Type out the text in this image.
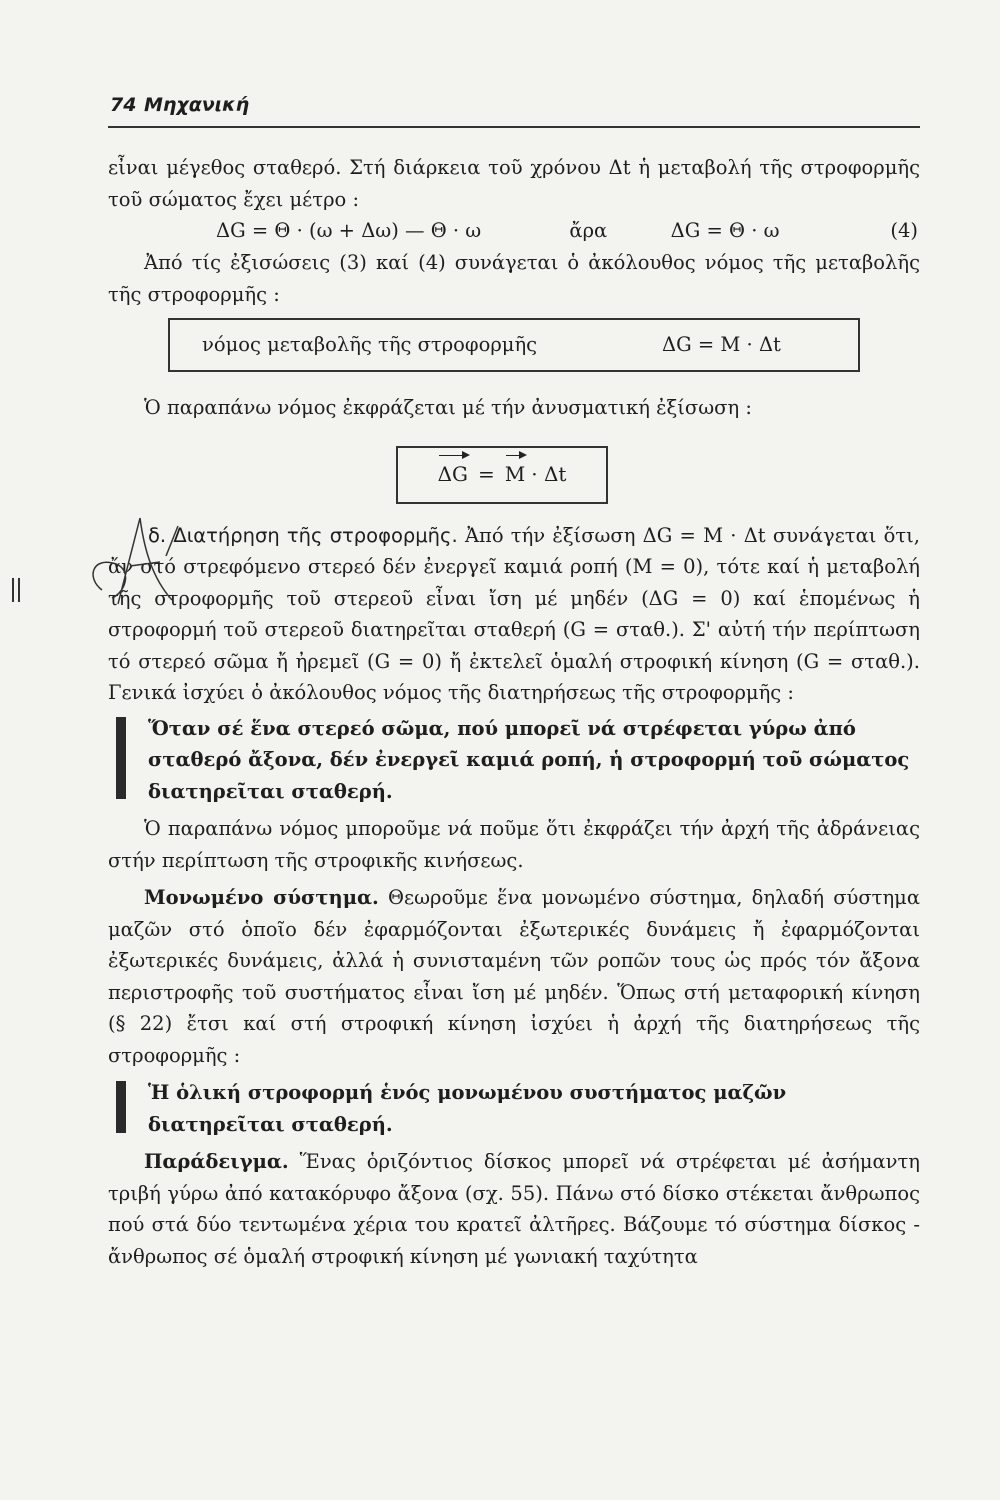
74 Μηχανική

εἶναι μέγεθος σταθερό. Στή διάρκεια τοῦ χρόνου Δt ἡ μεταβολή τῆς στροφορμῆς τοῦ σώματος ἔχει μέτρο :

ΔG = Θ · (ω + Δω) — Θ · ω	ἄρα	ΔG = Θ · ω	(4)

Ἀπό τίς ἐξισώσεις (3) καί (4) συνάγεται ὁ ἀκόλουθος νόμος τῆς μεταβολῆς τῆς στροφορμῆς :

νόμος μεταβολῆς τῆς στροφορμῆς	ΔG = M · Δt

Ὁ παραπάνω νόμος ἐκφράζεται μέ τήν ἀνυσματική ἐξίσωση :

ΔG = M · Δt

δ. Διατήρηση τῆς στροφορμῆς. Ἀπό τήν ἐξίσωση ΔG = M · Δt συνάγεται ὅτι, ἄν στό στρεφόμενο στερεό δέν ἐνεργεῖ καμιά ροπή (M = 0), τότε καί ἡ μεταβολή τῆς στροφορμῆς τοῦ στερεοῦ εἶναι ἴση μέ μηδέν (ΔG = 0) καί ἑπομένως ἡ στροφορμή τοῦ στερεοῦ διατηρεῖται σταθερή (G = σταθ.). Σ' αὐτή τήν περίπτωση τό στερεό σῶμα ἤ ἠρεμεῖ (G = 0) ἤ ἐκτελεῖ ὁμαλή στροφική κίνηση (G = σταθ.). Γενικά ἰσχύει ὁ ἀκόλουθος νόμος τῆς διατηρήσεως τῆς στροφορμῆς :

Ὅταν σέ ἕνα στερεό σῶμα, πού μπορεῖ νά στρέφεται γύρω ἀπό σταθερό ἄξονα, δέν ἐνεργεῖ καμιά ροπή, ἡ στροφορμή τοῦ σώματος διατηρεῖται σταθερή.

Ὁ παραπάνω νόμος μποροῦμε νά ποῦμε ὅτι ἐκφράζει τήν ἀρχή τῆς ἀδράνειας στήν περίπτωση τῆς στροφικῆς κινήσεως.

Μονωμένο σύστημα. Θεωροῦμε ἕνα μονωμένο σύστημα, δηλαδή σύστημα μαζῶν στό ὁποῖο δέν ἐφαρμόζονται ἐξωτερικές δυνάμεις ἤ ἐφαρμόζονται ἐξωτερικές δυνάμεις, ἀλλά ἡ συνισταμένη τῶν ροπῶν τους ὡς πρός τόν ἄξονα περιστροφῆς τοῦ συστήματος εἶναι ἴση μέ μηδέν. Ὅπως στή μεταφορική κίνηση (§ 22) ἔτσι καί στή στροφική κίνηση ἰσχύει ἡ ἀρχή τῆς διατηρήσεως τῆς στροφορμῆς :

Ἡ ὁλική στροφορμή ἑνός μονωμένου συστήματος μαζῶν διατηρεῖται σταθερή.

Παράδειγμα. Ἕνας ὁριζόντιος δίσκος μπορεῖ νά στρέφεται μέ ἀσήμαντη τριβή γύρω ἀπό κατακόρυφο ἄξονα (σχ. 55). Πάνω στό δίσκο στέκεται ἄνθρωπος πού στά δύο τεντωμένα χέρια του κρατεῖ ἀλτῆρες. Βάζουμε τό σύστημα δίσκος - ἄνθρωπος σέ ὁμαλή στροφική κίνηση μέ γωνιακή ταχύτητα
